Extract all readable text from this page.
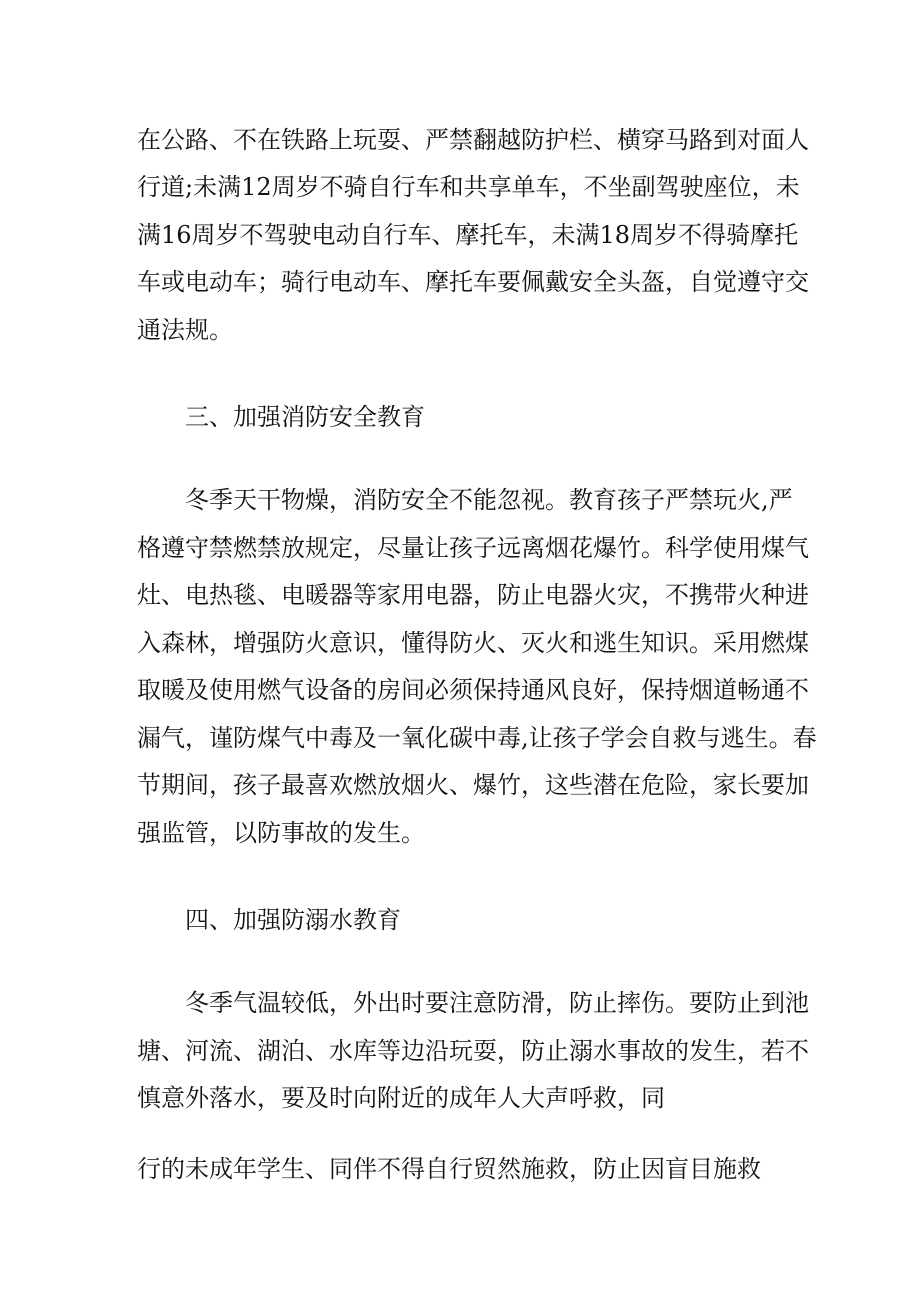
在公路、不在铁路上玩耍、严禁翻越防护栏、横穿马路到对面人
行道;未满12周岁不骑自行车和共享单车，不坐副驾驶座位，未
满16周岁不驾驶电动自行车、摩托车，未满18周岁不得骑摩托
车或电动车；骑行电动车、摩托车要佩戴安全头盔，自觉遵守交
通法规。
三、加强消防安全教育
冬季天干物燥，消防安全不能忽视。教育孩子严禁玩火,严
格遵守禁燃禁放规定，尽量让孩子远离烟花爆竹。科学使用煤气
灶、电热毯、电暖器等家用电器，防止电器火灾，不携带火种进
入森林，增强防火意识，懂得防火、灭火和逃生知识。采用燃煤
取暖及使用燃气设备的房间必须保持通风良好，保持烟道畅通不
漏气，谨防煤气中毒及一氧化碳中毒,让孩子学会自救与逃生。春
节期间，孩子最喜欢燃放烟火、爆竹，这些潜在危险，家长要加
强监管，以防事故的发生。
四、加强防溺水教育
冬季气温较低，外出时要注意防滑，防止摔伤。要防止到池
塘、河流、湖泊、水库等边沿玩耍，防止溺水事故的发生，若不
慎意外落水，要及时向附近的成年人大声呼救，同
行的未成年学生、同伴不得自行贸然施救，防止因盲目施救
